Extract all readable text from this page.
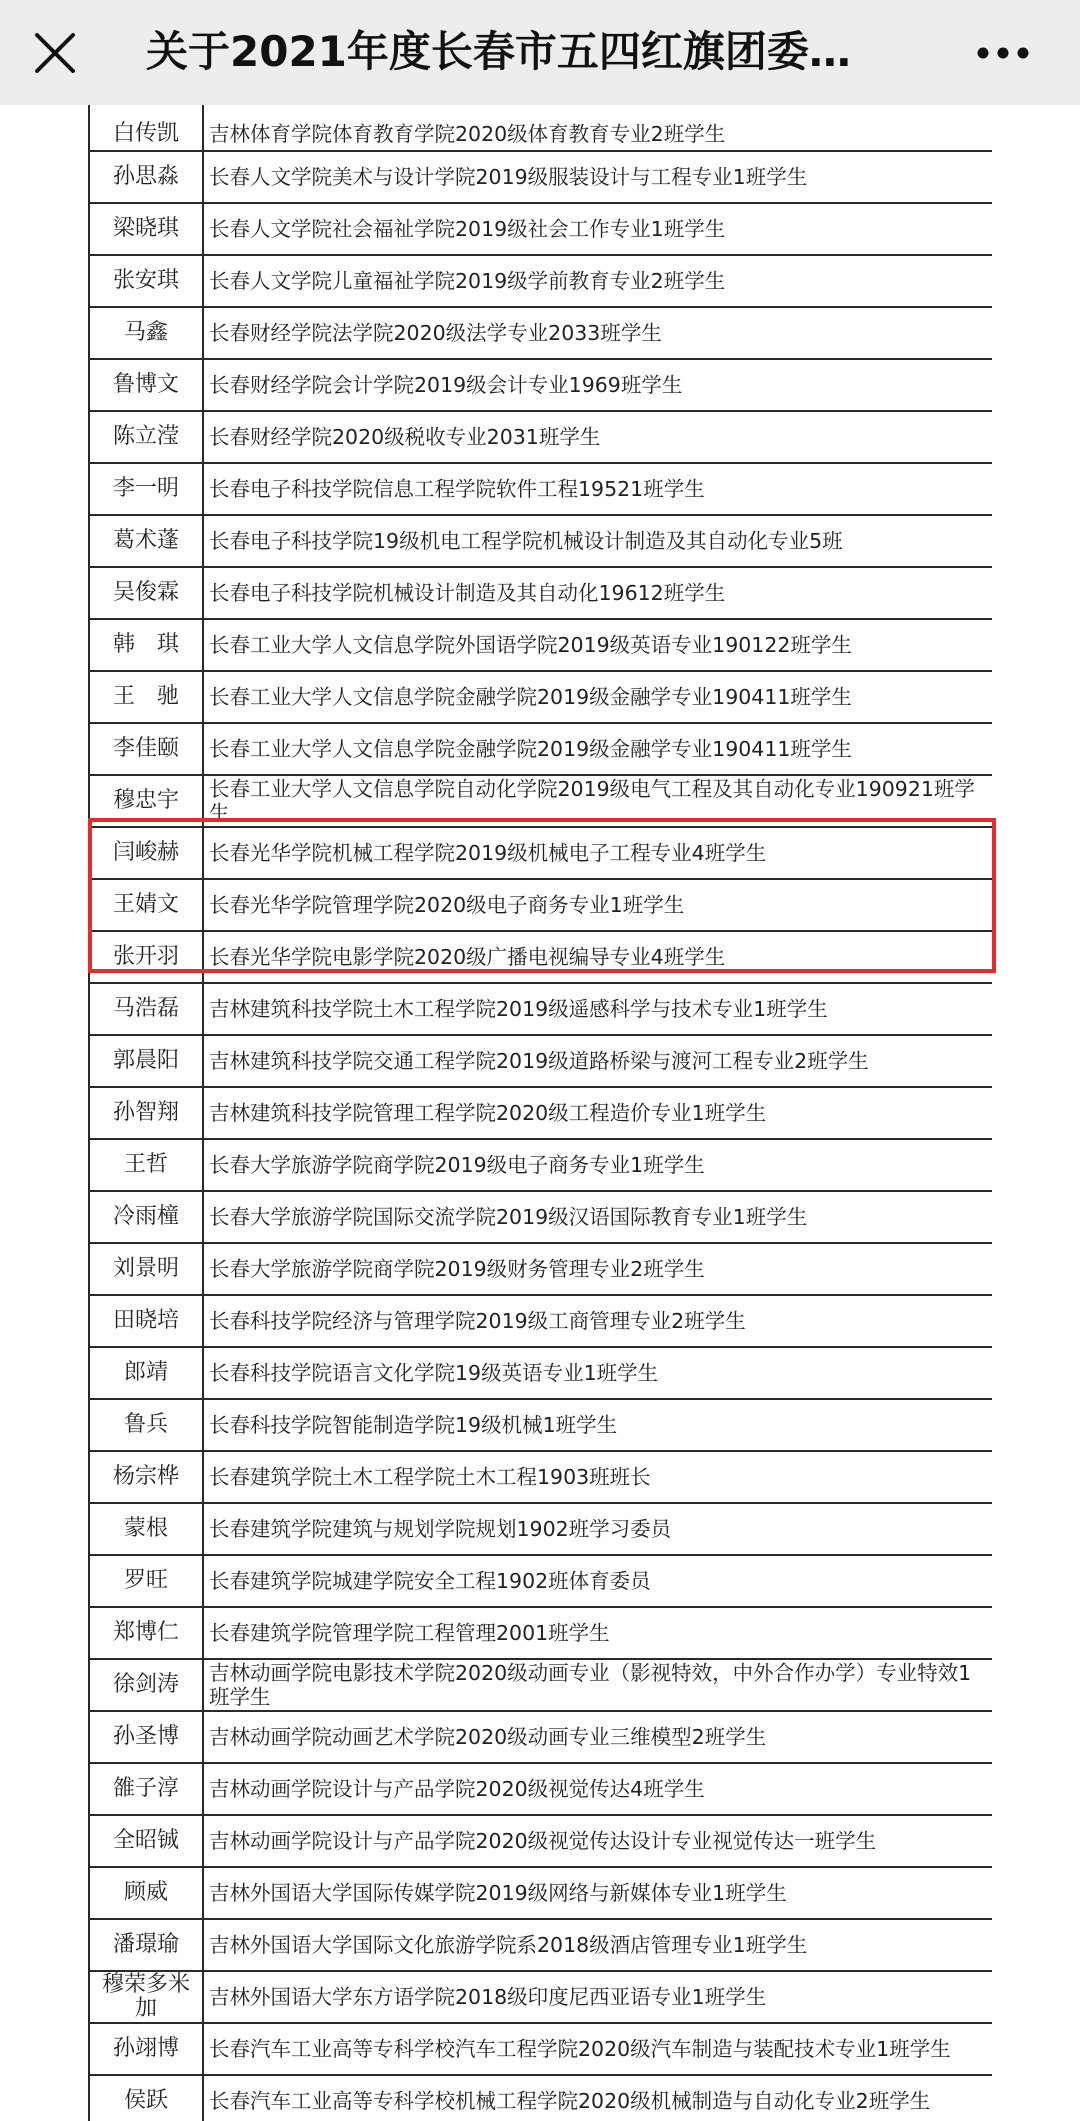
关于2021年度长春市五四红旗团委…
白传凯	吉林体育学院体育教育学院2020级体育教育专业2班学生
孙思淼	长春人文学院美术与设计学院2019级服装设计与工程专业1班学生
梁晓琪	长春人文学院社会福祉学院2019级社会工作专业1班学生
张安琪	长春人文学院儿童福祉学院2019级学前教育专业2班学生
马鑫	长春财经学院法学院2020级法学专业2033班学生
鲁博文	长春财经学院会计学院2019级会计专业1969班学生
陈立滢	长春财经学院2020级税收专业2031班学生
李一明	长春电子科技学院信息工程学院软件工程19521班学生
葛术蓬	长春电子科技学院19级机电工程学院机械设计制造及其自动化专业5班
吴俊霖	长春电子科技学院机械设计制造及其自动化19612班学生
韩　琪	长春工业大学人文信息学院外国语学院2019级英语专业190122班学生
王　驰	长春工业大学人文信息学院金融学院2019级金融学专业190411班学生
李佳颐	长春工业大学人文信息学院金融学院2019级金融学专业190411班学生
穆忠宇	长春工业大学人文信息学院自动化学院2019级电气工程及其自动化专业190921班学生
闫峻赫	长春光华学院机械工程学院2019级机械电子工程专业4班学生
王婧文	长春光华学院管理学院2020级电子商务专业1班学生
张开羽	长春光华学院电影学院2020级广播电视编导专业4班学生
马浩磊	吉林建筑科技学院土木工程学院2019级遥感科学与技术专业1班学生
郭晨阳	吉林建筑科技学院交通工程学院2019级道路桥梁与渡河工程专业2班学生
孙智翔	吉林建筑科技学院管理工程学院2020级工程造价专业1班学生
王哲	长春大学旅游学院商学院2019级电子商务专业1班学生
冷雨橦	长春大学旅游学院国际交流学院2019级汉语国际教育专业1班学生
刘景明	长春大学旅游学院商学院2019级财务管理专业2班学生
田晓培	长春科技学院经济与管理学院2019级工商管理专业2班学生
郎靖	长春科技学院语言文化学院19级英语专业1班学生
鲁兵	长春科技学院智能制造学院19级机械1班学生
杨宗桦	长春建筑学院土木工程学院土木工程1903班班长
蒙根	长春建筑学院建筑与规划学院规划1902班学习委员
罗旺	长春建筑学院城建学院安全工程1902班体育委员
郑博仁	长春建筑学院管理学院工程管理2001班学生
徐剑涛	吉林动画学院电影技术学院2020级动画专业（影视特效，中外合作办学）专业特效1班学生
孙圣博	吉林动画学院动画艺术学院2020级动画专业三维模型2班学生
雒子淳	吉林动画学院设计与产品学院2020级视觉传达4班学生
全昭铖	吉林动画学院设计与产品学院2020级视觉传达设计专业视觉传达一班学生
顾威	吉林外国语大学国际传媒学院2019级网络与新媒体专业1班学生
潘璟瑜	吉林外国语大学国际文化旅游学院系2018级酒店管理专业1班学生
穆荣多米加	吉林外国语大学东方语学院2018级印度尼西亚语专业1班学生
孙翊博	长春汽车工业高等专科学校汽车工程学院2020级汽车制造与装配技术专业1班学生
侯跃	长春汽车工业高等专科学校机械工程学院2020级机械制造与自动化专业2班学生
